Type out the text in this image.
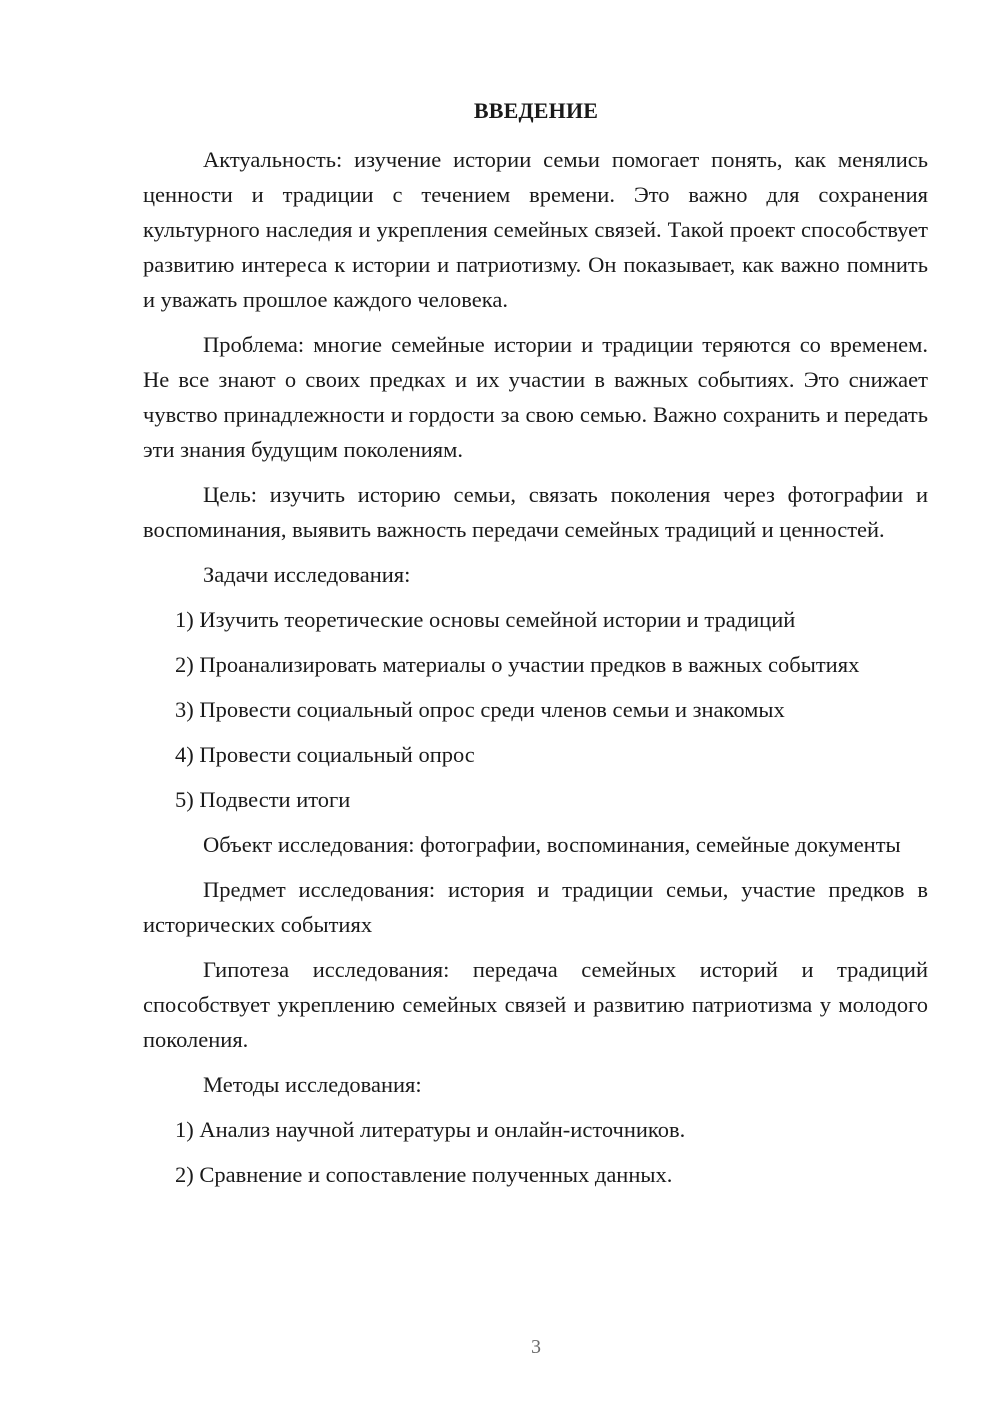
ВВЕДЕНИЕ

Актуальность: изучение истории семьи помогает понять, как менялись ценности и традиции с течением времени. Это важно для сохранения культурного наследия и укрепления семейных связей. Такой проект способствует развитию интереса к истории и патриотизму. Он показывает, как важно помнить и уважать прошлое каждого человека.

Проблема: многие семейные истории и традиции теряются со временем. Не все знают о своих предках и их участии в важных событиях. Это снижает чувство принадлежности и гордости за свою семью. Важно сохранить и передать эти знания будущим поколениям.

Цель: изучить историю семьи, связать поколения через фотографии и воспоминания, выявить важность передачи семейных традиций и ценностей.

Задачи исследования:

1) Изучить теоретические основы семейной истории и традиций

2) Проанализировать материалы о участии предков в важных событиях

3) Провести социальный опрос среди членов семьи и знакомых

4) Провести социальный опрос

5) Подвести итоги

Объект исследования: фотографии, воспоминания, семейные документы

Предмет исследования: история и традиции семьи, участие предков в исторических событиях

Гипотеза исследования: передача семейных историй и традиций способствует укреплению семейных связей и развитию патриотизма у молодого поколения.

Методы исследования:

1) Анализ научной литературы и онлайн-источников.

2) Сравнение и сопоставление полученных данных.

3
